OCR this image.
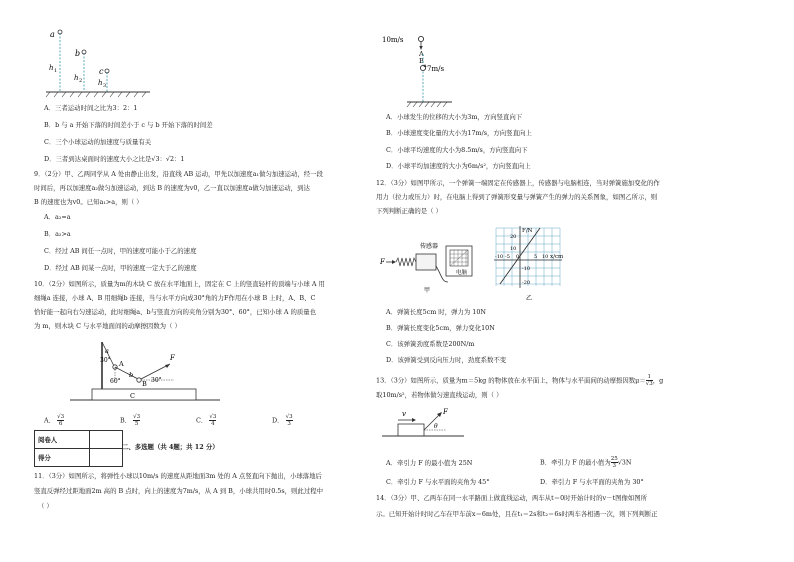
a
b
c
h 1
h 2 h 3
A．三者运动时间之比为3：2：1
B．b 与 a 开始下落的时间差小于 c 与 b 开始下落的时间差
C．三个小球运动的加速度与质量有关
D．三者到达桌面时的速度大小之比是√3：√2：1
9．（2分）甲、乙两同学从 A 处由静止出发，沿直线 AB 运动，甲先以加速度a₁做匀加速运动，经一段
时间后，再以加速度a₂做匀加速运动，到达 B 的速度为v0，乙一直以加速度a做匀加速运动，到达
B 的速度也为v0。已知a₁>a，则（ ）
A．a₂=a
B．a₂>a
C．经过 AB 间任一点时，甲的速度可能小于乙的速度
D．经过 AB 间某一点时，甲的速度一定大于乙的速度
10．（2分）如图所示，质量为m的木块 C 放在水平地面上，固定在 C 上的竖直轻杆的顶端与小球 A 用
细绳a 连接，小球 A、B 用细绳b 连接，当与水平方向成30°角的力F作用在小球 B 上时，A、B、C
恰好能一起向右匀速运动，此时细绳a、b与竖直方向的夹角分别为30°、60°，已知小球 A 的质量也
为 m，则木块 C 与水平地面间的动摩擦因数为（ ）
30°
60°	30°
a
A
b
B
F
C
A． $\frac{√3}{6}$	B． $\frac{√3}{5}$	C． $\frac{√3}{4}$	D． $\frac{√3}{3}$
阅卷人	
得分	
二、多选题（共 4题；共 12 分）
11．（3分）如图所示，将弹性小球以10m/s 的速度从距地面3m 处的 A 点竖直向下抛出，小球落地后
竖直反弹经过距地面2m 高的 B 点时，向上的速度为7m/s，从 A 到 B，小球共用时0.5s，则此过程中
（ ）
10m/s
A
B
7m/s
A．小球发生的位移的大小为3m，方向竖直向下
B．小球速度变化量的大小为17m/s，方向竖直向上
C．小球平均速度的大小为8.5m/s，方向竖直向下
D．小球平均加速度的大小为6m/s²，方向竖直向上
12．（3分）如图甲所示，一个弹簧一端固定在传感器上，传感器与电脑相连，当对弹簧施加变化的作
用力（拉力或压力）时，在电脑上得到了弹簧形变量与弹簧产生的弹力的关系图象，如图乙所示，则
下列判断正确的是（ ）
F
传感器
电脑
甲
F/N
x/cm
20
10
-10
-20
-10 -5 0	5 10
乙
A．弹簧长度5cm 时，弹力为 10N
B．弹簧长度变化5cm，弹力变化10N
C．该弹簧劲度系数是200N/m
D．该弹簧受到反向压力时，劲度系数不变
13．（3分）如图所示，质量为m＝5kg 的物体放在水平面上，物体与水平面间的动摩擦因数$\mu= \frac{1}{√3}$ ，g
取10m/s²，若物体做匀速直线运动，则（ ）
v	F
θ
A．牵引力 F 的最小值为 25N	B．牵引力 F 的最小值为 $\frac{25}{3} √3N$
C．牵引力 F 与水平面的夹角为 45°	D．牵引力 F 与水平面的夹角为 30°
14．（3分）甲、乙两车在同一水平路面上做直线运动，两车从t＝0时开始计时的v－t图像如图所
示。已知开始计时时乙车在甲车前x＝6m处，且在t₁＝2s和t₂＝6s时两车各相遇一次，则下列判断正
